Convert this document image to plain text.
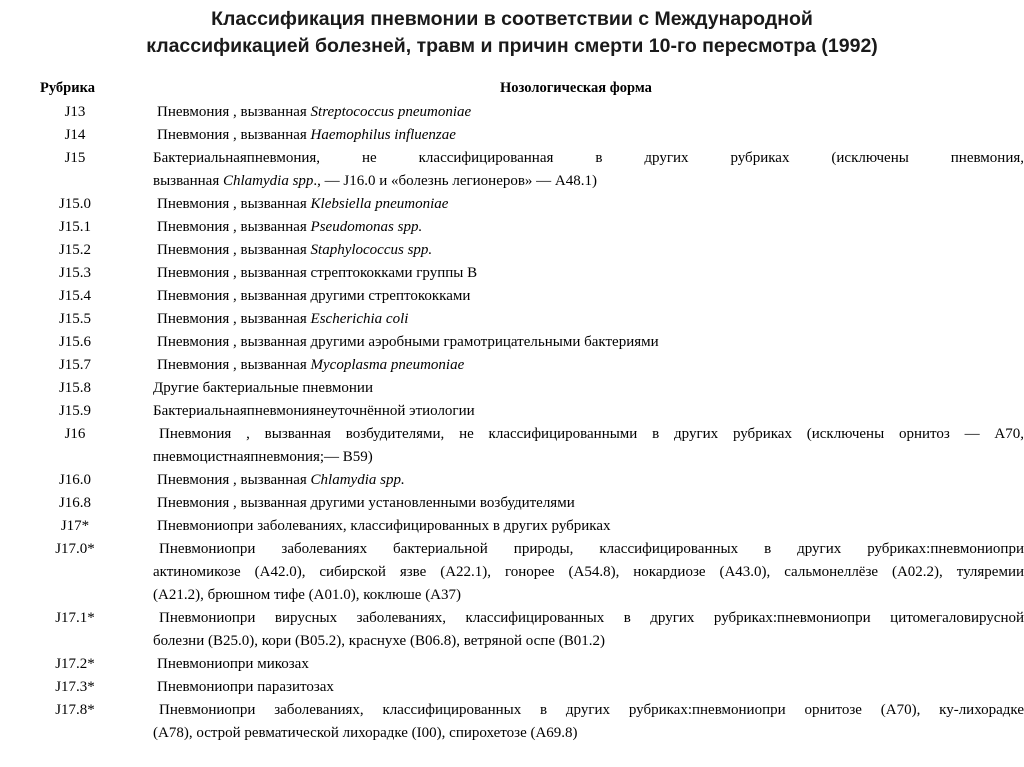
Классификация пневмонии в соответствии с Международной
классификацией болезней, травм и причин смерти 10-го пересмотра (1992)
Рубрика	Нозологическая форма
J13	Пневмония , вызванная Streptococcus pneumoniae
J14	Пневмония , вызванная Haemophilus influenzae
J15	Бактериальнаяпневмония, не классифицированная в других рубриках (исключены пневмония,
вызванная Chlamydia spp., — J16.0 и «болезнь легионеров» — A48.1)
J15.0	Пневмония , вызванная Klebsiella pneumoniae
J15.1	Пневмония , вызванная Pseudomonas spp.
J15.2	Пневмония , вызванная Staphylococcus spp.
J15.3	Пневмония , вызванная стрептококками группы B
J15.4	Пневмония , вызванная другими стрептококками
J15.5	Пневмония , вызванная Escherichia coli
J15.6	Пневмония , вызванная другими аэробными грамотрицательными бактериями
J15.7	Пневмония , вызванная Mycoplasma pneumoniae
J15.8	Другие бактериальные пневмонии
J15.9	Бактериальнаяпневмониянеуточнённой этиологии
J16	Пневмония , вызванная возбудителями, не классифицированными в других рубриках (исключены орнитоз — A70,
пневмоцистнаяпневмония;— B59)
J16.0	Пневмония , вызванная Chlamydia spp.
J16.8	Пневмония , вызванная другими установленными возбудителями
J17*	Пневмониопри заболеваниях, классифицированных в других рубриках
J17.0*	Пневмониопри заболеваниях бактериальной природы, классифицированных в других рубриках:пневмониопри
актиномикозе (A42.0), сибирской язве (A22.1), гонорее (A54.8), нокардиозе (A43.0), сальмонеллёзе (A02.2), туляремии
(A21.2), брюшном тифе (A01.0), коклюше (A37)
J17.1*	Пневмониопри вирусных заболеваниях, классифицированных в других рубриках:пневмониопри цитомегаловирусной
болезни (B25.0), кори (B05.2), краснухе (B06.8), ветряной оспе (B01.2)
J17.2*	Пневмониопри микозах
J17.3*	Пневмониопри паразитозах
J17.8*	Пневмониопри заболеваниях, классифицированных в других рубриках:пневмониопри орнитозе (A70), ку-лихорадке
(A78), острой ревматической лихорадке (I00), спирохетозе (A69.8)
